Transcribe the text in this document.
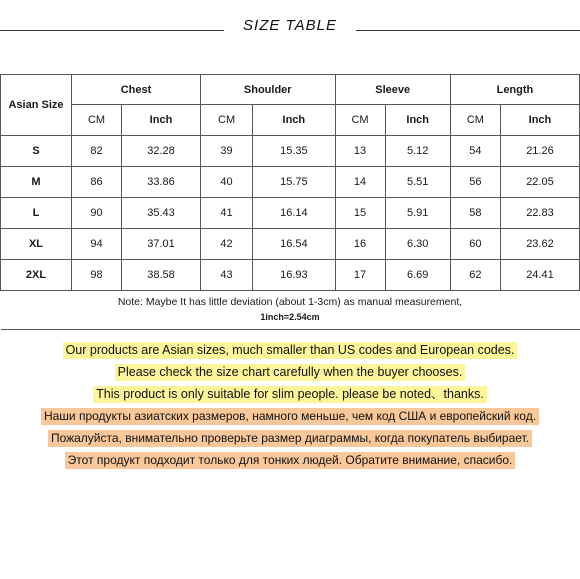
SIZE TABLE
Asian Size	Chest		Shoulder		Sleeve		Length	
	CM	Inch	CM	Inch	CM	Inch	CM	Inch
S	82	32.28	39	15.35	13	5.12	54	21.26
M	86	33.86	40	15.75	14	5.51	56	22.05
L	90	35.43	41	16.14	15	5.91	58	22.83
XL	94	37.01	42	16.54	16	6.30	60	23.62
2XL	98	38.58	43	16.93	17	6.69	62	24.41

Note: Maybe It has little deviation (about 1-3cm) as manual measurement,
1inch=2.54cm								
Our products are Asian sizes, much smaller than US codes and European codes.
Please check the size chart carefully when the buyer chooses.
This product is only suitable for slim people. please be noted、thanks.
Наши продукты азиатских размеров, намного меньше, чем код США и европейский код.
Пожалуйста, внимательно проверьте размер диаграммы, когда покупатель выбирает.
Этот продукт подходит только для тонких людей. Обратите внимание, спасибо.
